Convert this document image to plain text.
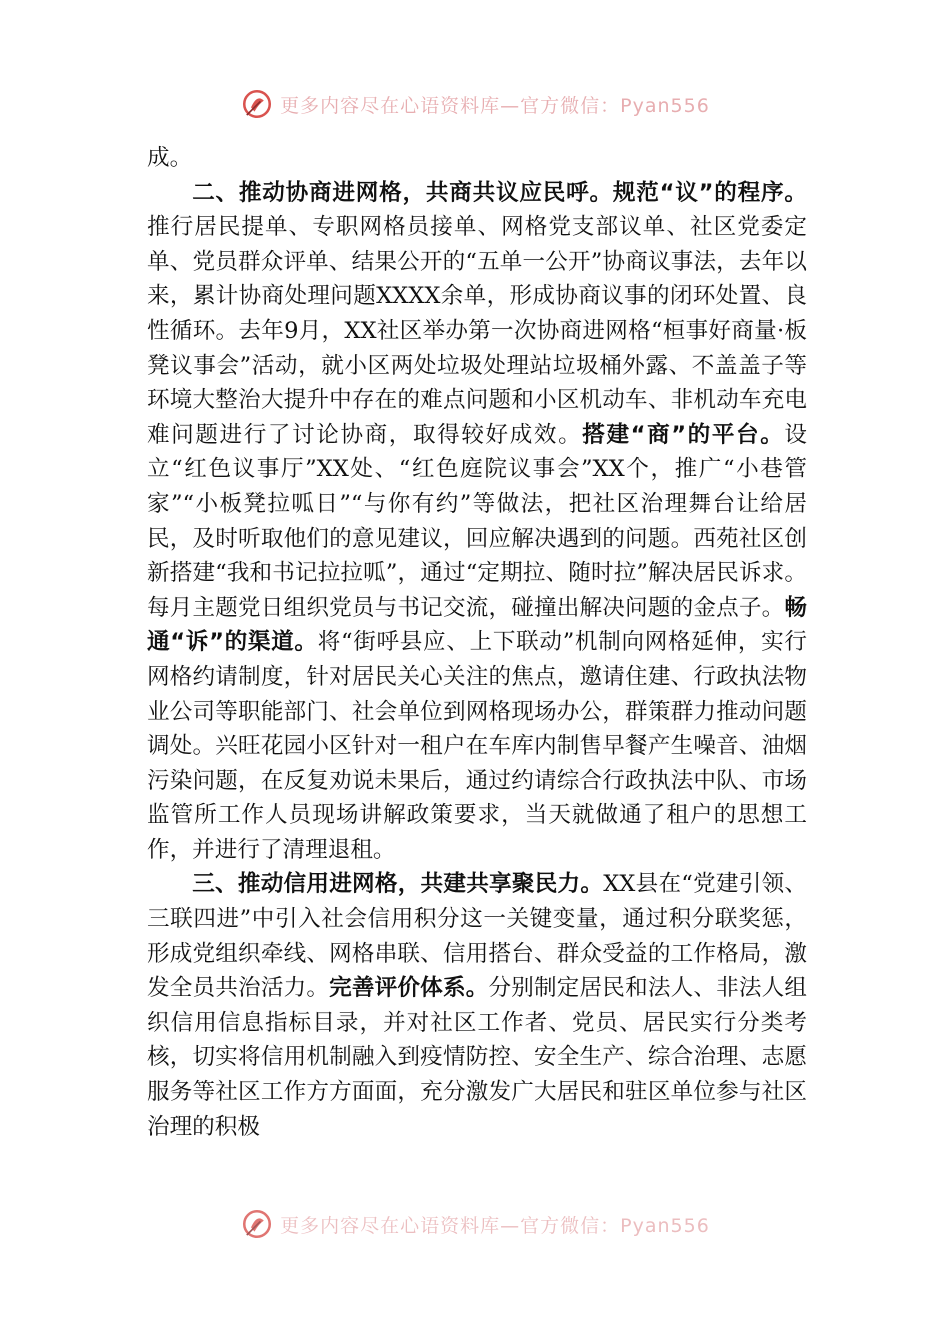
更多内容尽在心语资料库—官方微信：Pyan556

成。

二、推动协商进网格，共商共议应民呼。规范“议”的程序。推行居民提单、专职网格员接单、网格党支部议单、社区党委定单、党员群众评单、结果公开的“五单一公开”协商议事法，去年以来，累计协商处理问题XXXX余单，形成协商议事的闭环处置、良性循环。去年9月，XX社区举办第一次协商进网格“桓事好商量·板凳议事会”活动，就小区两处垃圾处理站垃圾桶外露、不盖盖子等环境大整治大提升中存在的难点问题和小区机动车、非机动车充电难问题进行了讨论协商，取得较好成效。搭建“商”的平台。设立“红色议事厅”XX处、“红色庭院议事会”XX个，推广“小巷管家”“小板凳拉呱日”“与你有约”等做法，把社区治理舞台让给居民，及时听取他们的意见建议，回应解决遇到的问题。西苑社区创新搭建“我和书记拉拉呱”，通过“定期拉、随时拉”解决居民诉求。每月主题党日组织党员与书记交流，碰撞出解决问题的金点子。畅通“诉”的渠道。将“街呼县应、上下联动”机制向网格延伸，实行网格约请制度，针对居民关心关注的焦点，邀请住建、行政执法物业公司等职能部门、社会单位到网格现场办公，群策群力推动问题调处。兴旺花园小区针对一租户在车库内制售早餐产生噪音、油烟污染问题，在反复劝说未果后，通过约请综合行政执法中队、市场监管所工作人员现场讲解政策要求，当天就做通了租户的思想工作，并进行了清理退租。

三、推动信用进网格，共建共享聚民力。XX县在“党建引领、三联四进”中引入社会信用积分这一关键变量，通过积分联奖惩，形成党组织牵线、网格串联、信用搭台、群众受益的工作格局，激发全员共治活力。完善评价体系。分别制定居民和法人、非法人组织信用信息指标目录，并对社区工作者、党员、居民实行分类考核，切实将信用机制融入到疫情防控、安全生产、综合治理、志愿服务等社区工作方方面面，充分激发广大居民和驻区单位参与社区治理的积极

更多内容尽在心语资料库—官方微信：Pyan556
